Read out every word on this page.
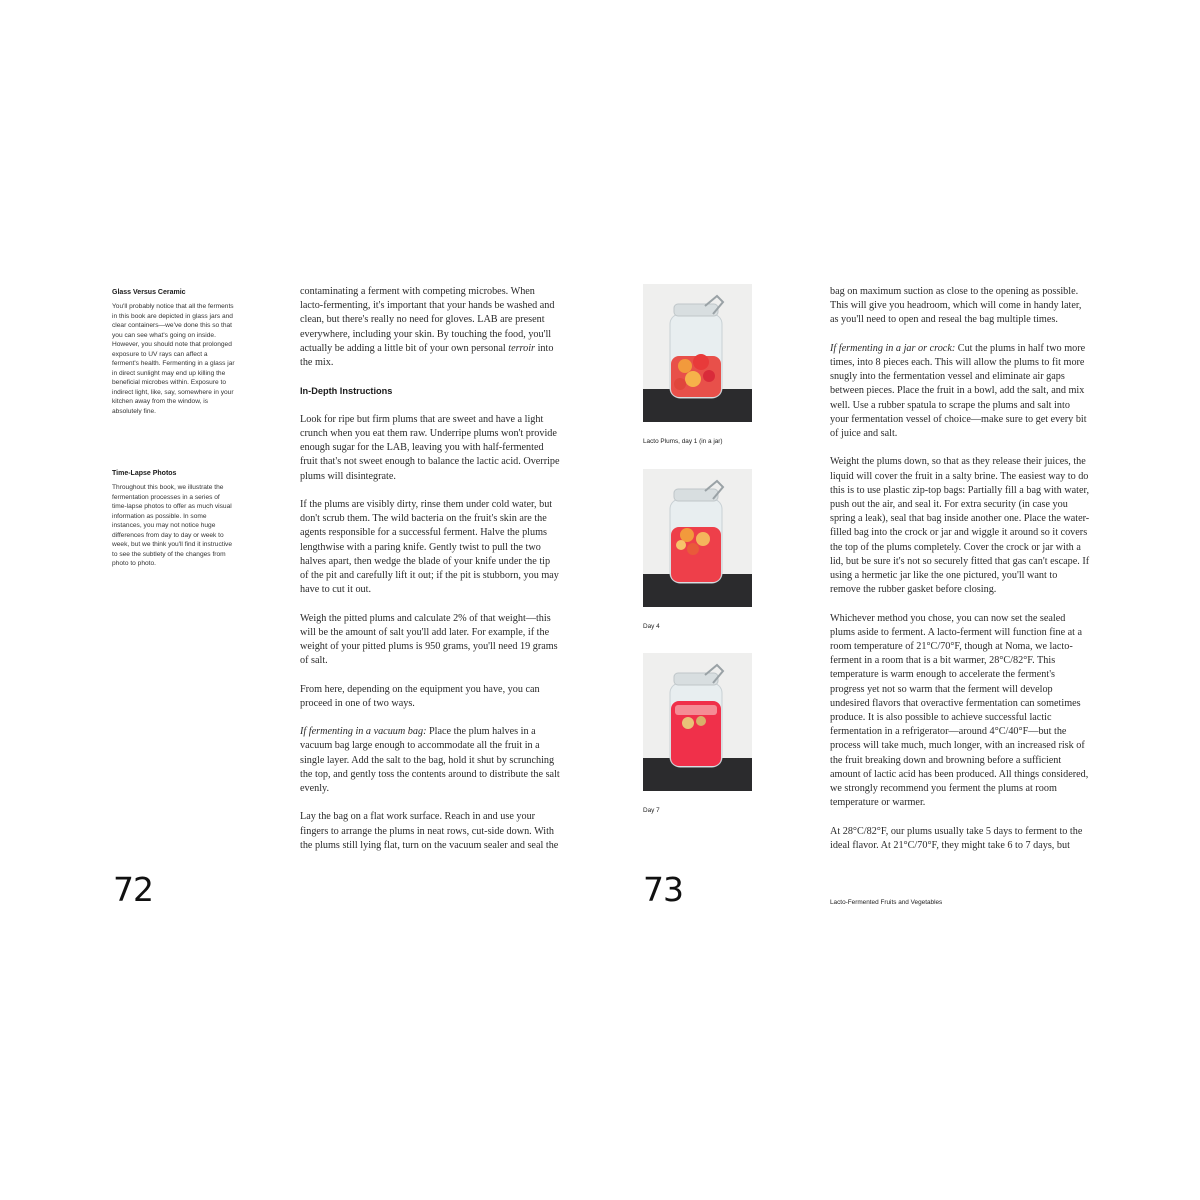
Glass Versus Ceramic
You'll probably notice that all the ferments in this book are depicted in glass jars and clear containers—we've done this so that you can see what's going on inside. However, you should note that prolonged exposure to UV rays can affect a ferment's health. Fermenting in a glass jar in direct sunlight may end up killing the beneficial microbes within. Exposure to indirect light, like, say, somewhere in your kitchen away from the window, is absolutely fine.
Time-Lapse Photos
Throughout this book, we illustrate the fermentation processes in a series of time-lapse photos to offer as much visual information as possible. In some instances, you may not notice huge differences from day to day or week to week, but we think you'll find it instructive to see the subtlety of the changes from photo to photo.

contaminating a ferment with competing microbes. When lacto-fermenting, it's important that your hands be washed and clean, but there's really no need for gloves. LAB are present everywhere, including your skin. By touching the food, you'll actually be adding a little bit of your own personal terroir into the mix.

In-Depth Instructions

Look for ripe but firm plums that are sweet and have a light crunch when you eat them raw. Underripe plums won't provide enough sugar for the LAB, leaving you with half-fermented fruit that's not sweet enough to balance the lactic acid. Overripe plums will disintegrate.

If the plums are visibly dirty, rinse them under cold water, but don't scrub them. The wild bacteria on the fruit's skin are the agents responsible for a successful ferment. Halve the plums lengthwise with a paring knife. Gently twist to pull the two halves apart, then wedge the blade of your knife under the tip of the pit and carefully lift it out; if the pit is stubborn, you may have to cut it out.

Weigh the pitted plums and calculate 2% of that weight—this will be the amount of salt you'll add later. For example, if the weight of your pitted plums is 950 grams, you'll need 19 grams of salt.

From here, depending on the equipment you have, you can proceed in one of two ways.

If fermenting in a vacuum bag: Place the plum halves in a vacuum bag large enough to accommodate all the fruit in a single layer. Add the salt to the bag, hold it shut by scrunching the top, and gently toss the contents around to distribute the salt evenly.

Lay the bag on a flat work surface. Reach in and use your fingers to arrange the plums in neat rows, cut-side down. With the plums still lying flat, turn on the vacuum sealer and seal the

72
Lacto Plums, day 1 (in a jar)
Day 4
Day 7

bag on maximum suction as close to the opening as possible. This will give you headroom, which will come in handy later, as you'll need to open and reseal the bag multiple times.

If fermenting in a jar or crock: Cut the plums in half two more times, into 8 pieces each. This will allow the plums to fit more snugly into the fermentation vessel and eliminate air gaps between pieces. Place the fruit in a bowl, add the salt, and mix well. Use a rubber spatula to scrape the plums and salt into your fermentation vessel of choice—make sure to get every bit of juice and salt.

Weight the plums down, so that as they release their juices, the liquid will cover the fruit in a salty brine. The easiest way to do this is to use plastic zip-top bags: Partially fill a bag with water, push out the air, and seal it. For extra security (in case you spring a leak), seal that bag inside another one. Place the water-filled bag into the crock or jar and wiggle it around so it covers the top of the plums completely. Cover the crock or jar with a lid, but be sure it's not so securely fitted that gas can't escape. If using a hermetic jar like the one pictured, you'll want to remove the rubber gasket before closing.

Whichever method you chose, you can now set the sealed plums aside to ferment. A lacto-ferment will function fine at a room temperature of 21°C/70°F, though at Noma, we lacto-ferment in a room that is a bit warmer, 28°C/82°F. This temperature is warm enough to accelerate the ferment's progress yet not so warm that the ferment will develop undesired flavors that overactive fermentation can sometimes produce. It is also possible to achieve successful lactic fermentation in a refrigerator—around 4°C/40°F—but the process will take much, much longer, with an increased risk of the fruit breaking down and browning before a sufficient amount of lactic acid has been produced. All things considered, we strongly recommend you ferment the plums at room temperature or warmer.

At 28°C/82°F, our plums usually take 5 days to ferment to the ideal flavor. At 21°C/70°F, they might take 6 to 7 days, but

73	Lacto-Fermented Fruits and Vegetables
